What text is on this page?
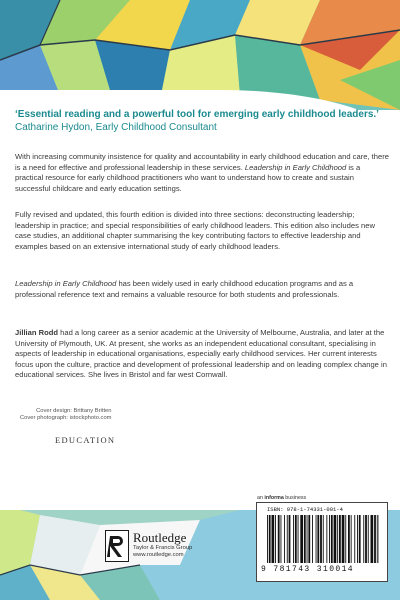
‘Essential reading and a powerful tool for emerging early childhood leaders.’ Catharine Hydon, Early Childhood Consultant
With increasing community insistence for quality and accountability in early childhood education and care, there is a need for effective and professional leadership in these services. Leadership in Early Childhood is a practical resource for early childhood practitioners who want to understand how to create and sustain successful childcare and early education settings.
Fully revised and updated, this fourth edition is divided into three sections: deconstructing leadership; leadership in practice; and special responsibilities of early childhood leaders. This edition also includes new case studies, an additional chapter summarising the key contributing factors to effective leadership and examples based on an extensive international study of early childhood leaders.
Leadership in Early Childhood has been widely used in early childhood education programs and as a professional reference text and remains a valuable resource for both students and professionals.
Jillian Rodd had a long career as a senior academic at the University of Melbourne, Australia, and later at the University of Plymouth, UK. At present, she works as an independent educational consultant, specialising in aspects of leadership in educational organisations, especially early childhood services. Her current interests focus upon the culture, practice and development of professional leadership and on leading complex change in educational services. She lives in Bristol and far west Cornwall.
Cover design: Brittany Britten
Cover photograph: istockphoto.com
EDUCATION
an informa business
Routledge
Taylor & Francis Group
www.routledge.com
ISBN: 978-1-74331-001-4
9 781743 310014
